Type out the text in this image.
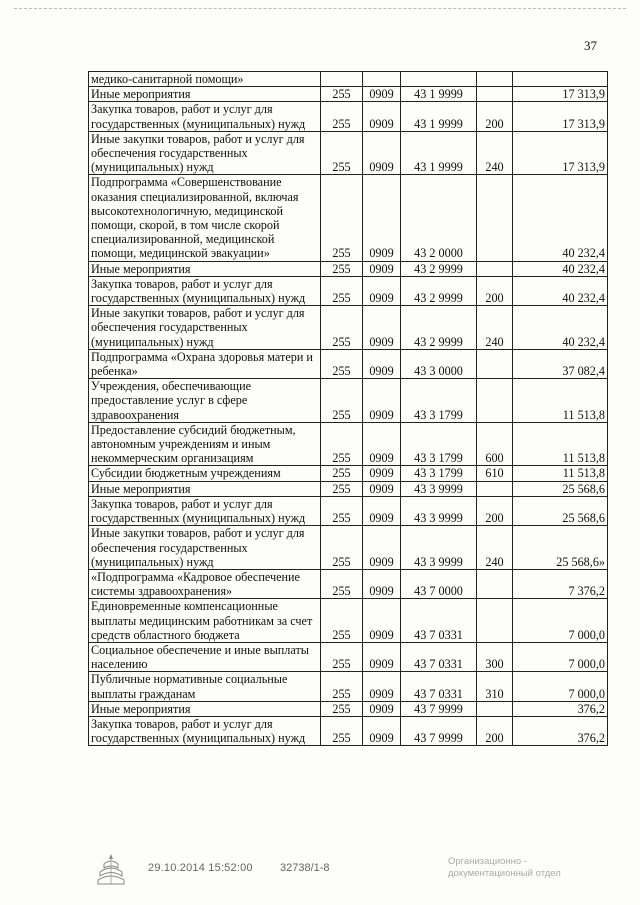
37
медико-санитарной помощи»					
Иные мероприятия	255	0909	43 1 9999		17 313,9
Закупка товаров, работ и услуг для государственных (муниципальных) нужд	255	0909	43 1 9999	200	17 313,9
Иные закупки товаров, работ и услуг для обеспечения государственных (муниципальных) нужд	255	0909	43 1 9999	240	17 313,9
Подпрограмма «Совершенствование оказания специализированной, включая высокотехнологичную, медицинской помощи, скорой, в том числе скорой специализированной, медицинской помощи, медицинской эвакуации»	255	0909	43 2 0000		40 232,4
Иные мероприятия	255	0909	43 2 9999		40 232,4
Закупка товаров, работ и услуг для государственных (муниципальных) нужд	255	0909	43 2 9999	200	40 232,4
Иные закупки товаров, работ и услуг для обеспечения государственных (муниципальных) нужд	255	0909	43 2 9999	240	40 232,4
Подпрограмма «Охрана здоровья матери и ребенка»	255	0909	43 3 0000		37 082,4
Учреждения, обеспечивающие предоставление услуг в сфере здравоохранения	255	0909	43 3 1799		11 513,8
Предоставление субсидий бюджетным, автономным учреждениям и иным некоммерческим организациям	255	0909	43 3 1799	600	11 513,8
Субсидии бюджетным учреждениям	255	0909	43 3 1799	610	11 513,8
Иные мероприятия	255	0909	43 3 9999		25 568,6
Закупка товаров, работ и услуг для государственных (муниципальных) нужд	255	0909	43 3 9999	200	25 568,6
Иные закупки товаров, работ и услуг для обеспечения государственных (муниципальных) нужд	255	0909	43 3 9999	240	25 568,6»
«Подпрограмма «Кадровое обеспечение системы здравоохранения»	255	0909	43 7 0000		7 376,2
Единовременные компенсационные выплаты медицинским работникам за счет средств областного бюджета	255	0909	43 7 0331		7 000,0
Социальное обеспечение и иные выплаты населению	255	0909	43 7 0331	300	7 000,0
Публичные нормативные социальные выплаты гражданам	255	0909	43 7 0331	310	7 000,0
Иные мероприятия	255	0909	43 7 9999		376,2
Закупка товаров, работ и услуг для государственных (муниципальных) нужд	255	0909	43 7 9999	200	376,2
29.10.2014 15:52:00 32738/1-8
Организационно -
документационный отдел
